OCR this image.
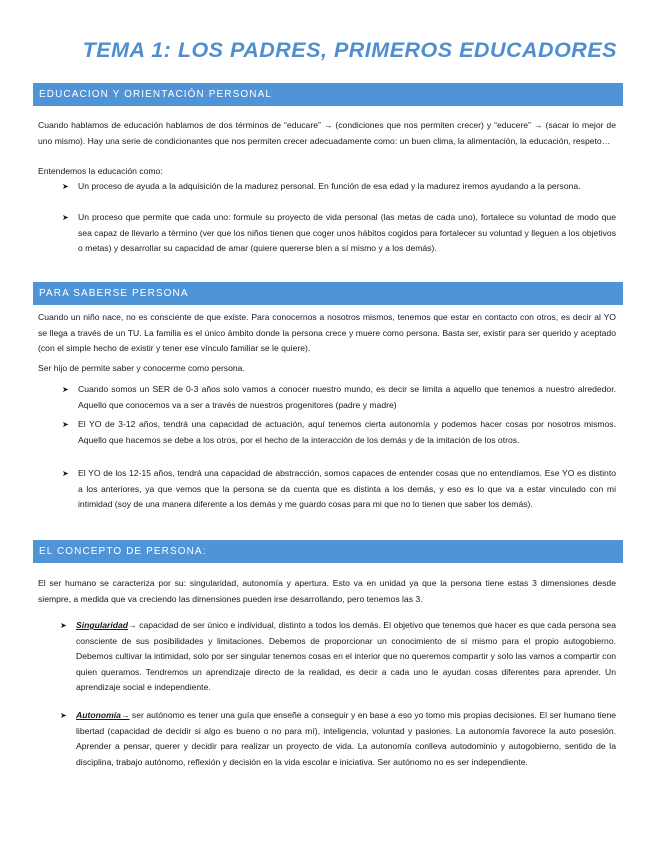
TEMA 1: LOS PADRES, PRIMEROS EDUCADORES
EDUCACION Y ORIENTACIÓN PERSONAL

Cuando hablamos de educación hablamos de dos términos de “educare” → (condiciones que nos permiten crecer) y “educere” → (sacar lo mejor de uno mismo). Hay una serie de condicionantes que nos permiten crecer adecuadamente como: un buen clima, la alimentación, la educación, respeto…

Entendemos la educación como:

➤ Un proceso de ayuda a la adquisición de la madurez personal. En función de esa edad y la madurez iremos ayudando a la persona.
➤ Un proceso que permite que cada uno: formule su proyecto de vida personal (las metas de cada uno), fortalece su voluntad de modo que sea capaz de llevarlo a término (ver que los niños tienen que coger unos hábitos cogidos para fortalecer su voluntad y lleguen a los objetivos o metas) y desarrollar su capacidad de amar (quiere quererse bien a sí mismo y a los demás).
PARA SABERSE PERSONA

Cuando un niño nace, no es consciente de que existe. Para conocernos a nosotros mismos, tenemos que estar en contacto con otros, es decir al YO se llega a través de un TU. La familia es el único ámbito donde la persona crece y muere como persona. Basta ser, existir para ser querido y aceptado (con el simple hecho de existir y tener ese vínculo familiar se le quiere).

Ser hijo de permite saber y conocerme como persona.

➤ Cuando somos un SER de 0-3 años solo vamos a conocer nuestro mundo, es decir se limita a aquello que tenemos a nuestro alrededor. Aquello que conocemos va a ser a través de nuestros progenitores (padre y madre)
➤ El YO de 3-12 años, tendrá una capacidad de actuación, aquí tenemos cierta autonomía y podemos hacer cosas por nosotros mismos. Aquello que hacemos se debe a los otros, por el hecho de la interacción de los demás y de la imitación de los otros.
➤ El YO de los 12-15 años, tendrá una capacidad de abstracción, somos capaces de entender cosas que no entendíamos. Ese YO es distinto a los anteriores, ya que vemos que la persona se da cuenta que es distinta a los demás, y eso es lo que va a estar vinculado con mi intimidad (soy de una manera diferente a los demás y me guardo cosas para mi que no lo tienen que saber los demás).
EL CONCEPTO DE PERSONA:

El ser humano se caracteriza por su: singularidad, autonomía y apertura. Esto va en unidad ya que la persona tiene estas 3 dimensiones desde siempre, a medida que va creciendo las dimensiones pueden irse desarrollando, pero tenemos las 3.

➤ Singularidad→ capacidad de ser único e individual, distinto a todos los demás. El objetivo que tenemos que hacer es que cada persona sea consciente de sus posibilidades y limitaciones. Debemos de proporcionar un conocimiento de sí mismo para el propio autogobierno. Debemos cultivar la intimidad, solo por ser singular tenemos cosas en el interior que no queremos compartir y solo las vamos a compartir con quien queramos. Tendremos un aprendizaje directo de la realidad, es decir a cada uno le ayudan cosas diferentes para aprender. Un aprendizaje social e independiente.
➤ Autonomía→ ser autónomo es tener una guía que enseñe a conseguir y en base a eso yo tomo mis propias decisiones. El ser humano tiene libertad (capacidad de decidir si algo es bueno o no para mí), inteligencia, voluntad y pasiones. La autonomía favorece la auto posesión. Aprender a pensar, querer y decidir para realizar un proyecto de vida. La autonomía conlleva autodominio y autogobierno, sentido de la disciplina, trabajo autónomo, reflexión y decisión en la vida escolar e iniciativa. Ser autónomo no es ser independiente.
